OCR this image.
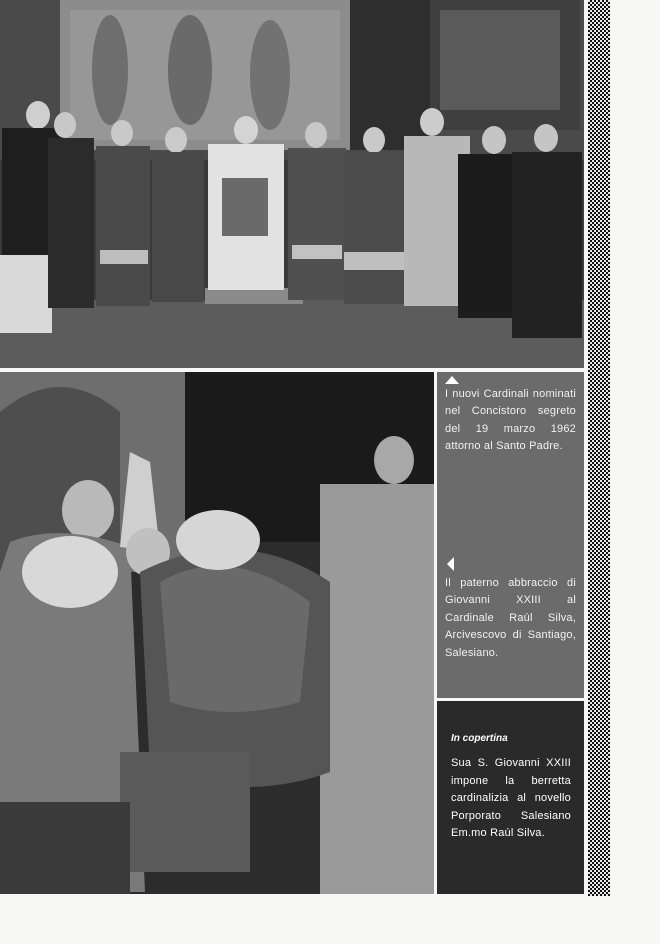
I nuovi Cardinali nominati nel Concistoro segreto del 19 marzo 1962 attorno al Santo Padre.

Il paterno abbraccio di Giovanni XXIII al Cardinale Raúl Silva, Arcivescovo di Santiago, Salesiano.

In copertina

Sua S. Giovanni XXIII impone la berretta cardinalizia al novello Porporato Salesiano Em.mo Raúl Silva.
